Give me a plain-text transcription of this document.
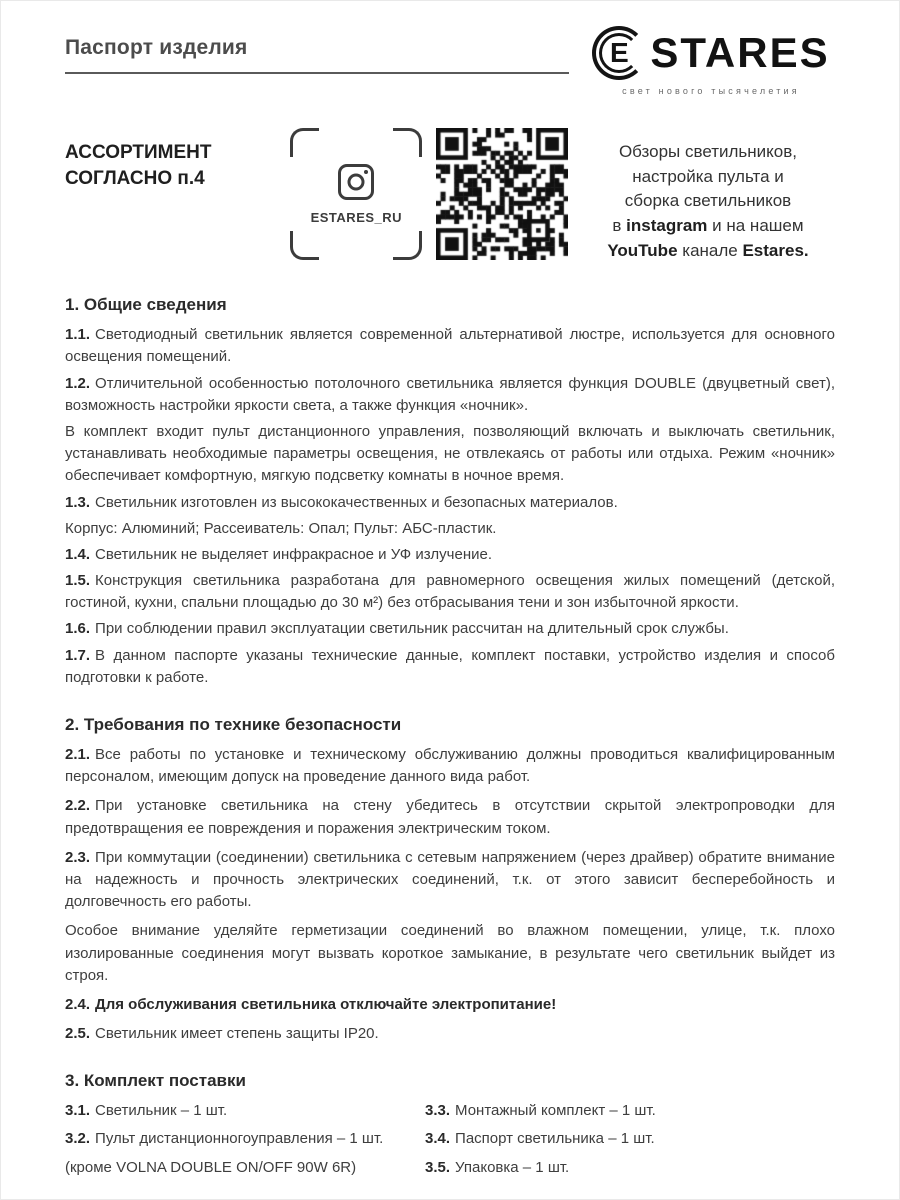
Паспорт изделия	E STARES
свет нового тысячелетия
АССОРТИМЕНТ
СОГЛАСНО п.4
ESTARES_RU
Обзоры светильников,
настройка пульта и
сборка светильников
в instagram и на нашем
YouTube канале Estares.
1. Общие сведения

1.1. Светодиодный светильник является современной альтернативой люстре, используется для основного освещения помещений.

1.2. Отличительной особенностью потолочного светильника является функция DOUBLE (двуцветный свет), возможность настройки яркости света, а также функция «ночник».

В комплект входит пульт дистанционного управления, позволяющий включать и выключать светильник, устанавливать необходимые параметры освещения, не отвлекаясь от работы или отдыха. Режим «ночник» обеспечивает комфортную, мягкую подсветку комнаты в ночное время.

1.3. Светильник изготовлен из высококачественных и безопасных материалов.

Корпус: Алюминий; Рассеиватель: Опал; Пульт: АБС-пластик.

1.4. Светильник не выделяет инфракрасное и УФ излучение.

1.5. Конструкция светильника разработана для равномерного освещения жилых помещений (детской, гостиной, кухни, спальни площадью до 30 м²) без отбрасывания тени и зон избыточной яркости.

1.6. При соблюдении правил эксплуатации светильник рассчитан на длительный срок службы.

1.7. В данном паспорте указаны технические данные, комплект поставки, устройство изделия и способ подготовки к работе.

2. Требования по технике безопасности

2.1. Все работы по установке и техническому обслуживанию должны проводиться квалифицированным персоналом, имеющим допуск на проведение данного вида работ.

2.2. При установке светильника на стену убедитесь в отсутствии скрытой электропроводки для предотвращения ее повреждения и поражения электрическим током.

2.3. При коммутации (соединении) светильника с сетевым напряжением (через драйвер) обратите внимание на надежность и прочность электрических соединений, т.к. от этого зависит бесперебойность и долговечность его работы.

Особое внимание уделяйте герметизации соединений во влажном помещении, улице, т.к. плохо изолированные соединения могут вызвать короткое замыкание, в результате чего светильник выйдет из строя.

2.4. Для обслуживания светильника отключайте электропитание!

2.5. Светильник имеет степень защиты IP20.

3. Комплект поставки

3.1. Светильник – 1 шт.

3.2. Пульт дистанционногоуправления – 1 шт.

(кроме VOLNA DOUBLE ON/OFF 90W 6R)

3.3. Монтажный комплект – 1 шт.

3.4. Паспорт светильника – 1 шт.

3.5. Упаковка – 1 шт.
